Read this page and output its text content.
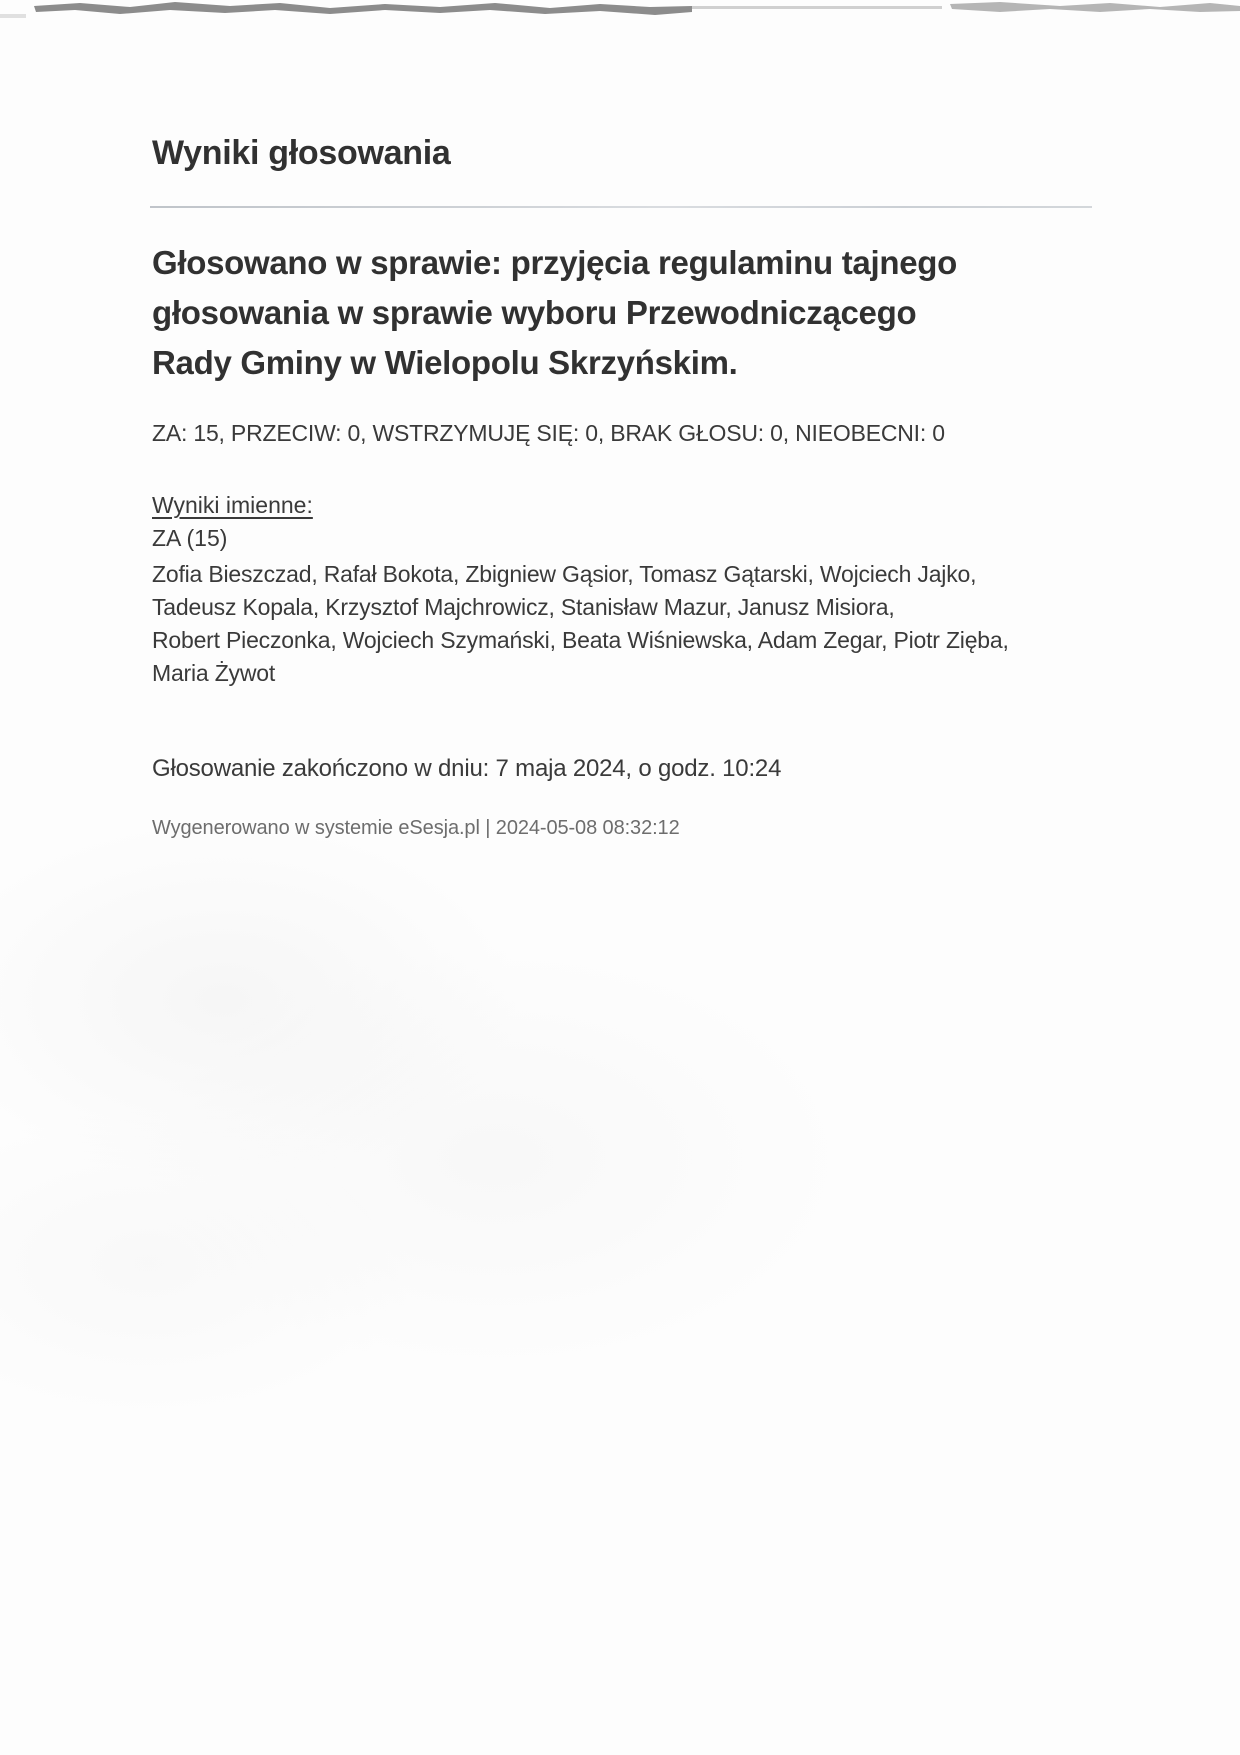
Wyniki głosowania
Głosowano w sprawie: przyjęcia regulaminu tajnego
głosowania w sprawie wyboru Przewodniczącego
Rady Gminy w Wielopolu Skrzyńskim.
ZA: 15, PRZECIW: 0, WSTRZYMUJĘ SIĘ: 0, BRAK GŁOSU: 0, NIEOBECNI: 0
Wyniki imienne:
ZA (15)
Zofia Bieszczad, Rafał Bokota, Zbigniew Gąsior, Tomasz Gątarski, Wojciech Jajko,
Tadeusz Kopala, Krzysztof Majchrowicz, Stanisław Mazur, Janusz Misiora,
Robert Pieczonka, Wojciech Szymański, Beata Wiśniewska, Adam Zegar, Piotr Zięba,
Maria Żywot
Głosowanie zakończono w dniu: 7 maja 2024, o godz. 10:24
Wygenerowano w systemie eSesja.pl | 2024-05-08 08:32:12
